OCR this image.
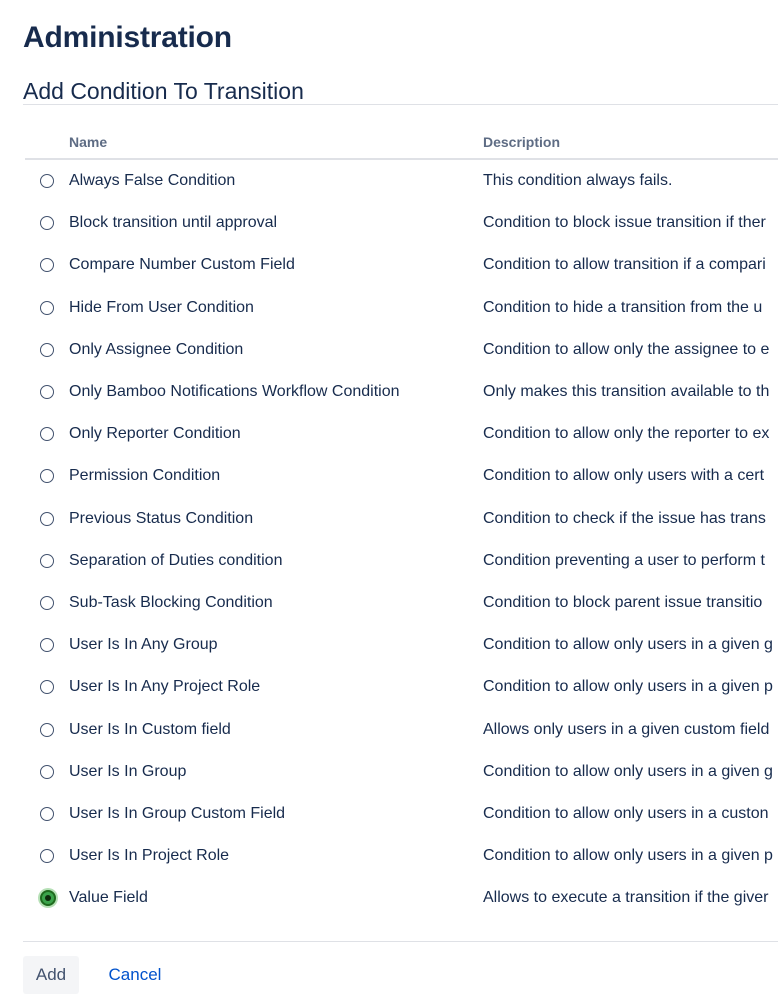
Administration
Add Condition To Transition
Name	Description
Always False Condition	This condition always fails.
Block transition until approval	Condition to block issue transition if ther
Compare Number Custom Field	Condition to allow transition if a compari
Hide From User Condition	Condition to hide a transition from the u
Only Assignee Condition	Condition to allow only the assignee to e
Only Bamboo Notifications Workflow Condition	Only makes this transition available to th
Only Reporter Condition	Condition to allow only the reporter to ex
Permission Condition	Condition to allow only users with a cert
Previous Status Condition	Condition to check if the issue has trans
Separation of Duties condition	Condition preventing a user to perform t
Sub-Task Blocking Condition	Condition to block parent issue transitio
User Is In Any Group	Condition to allow only users in a given g
User Is In Any Project Role	Condition to allow only users in a given p
User Is In Custom field	Allows only users in a given custom field
User Is In Group	Condition to allow only users in a given g
User Is In Group Custom Field	Condition to allow only users in a custon
User Is In Project Role	Condition to allow only users in a given p
Value Field	Allows to execute a transition if the giver
Add	Cancel
